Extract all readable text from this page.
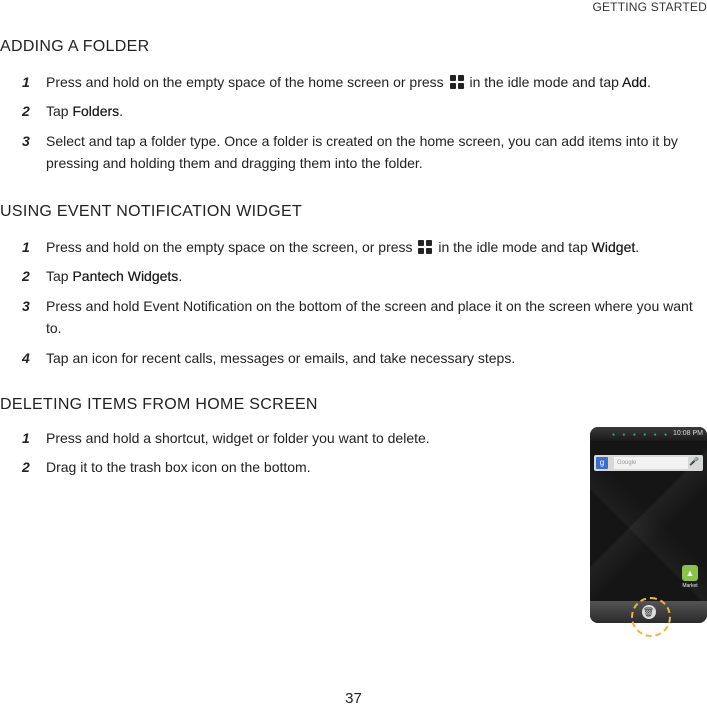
GETTING STARTED
ADDING A FOLDER
1	Press and hold on the empty space of the home screen or press in the idle mode and tap Add.
2	Tap Folders.
3	Select and tap a folder type. Once a folder is created on the home screen, you can add items into it by pressing and holding them and dragging them into the folder.
USING EVENT NOTIFICATION WIDGET
1	Press and hold on the empty space on the screen, or press in the idle mode and tap Widget.
2	Tap Pantech Widgets.
3	Press and hold Event Notification on the bottom of the screen and place it on the screen where you want to.
4	Tap an icon for recent calls, messages or emails, and take necessary steps.
DELETING ITEMS FROM HOME SCREEN
1	Press and hold a shortcut, widget or folder you want to delete.
2	Drag it to the trash box icon on the bottom.
● ● ● ● ● ● 10:08 PM
g	Google	🎤
▲
Market
🗑
37
